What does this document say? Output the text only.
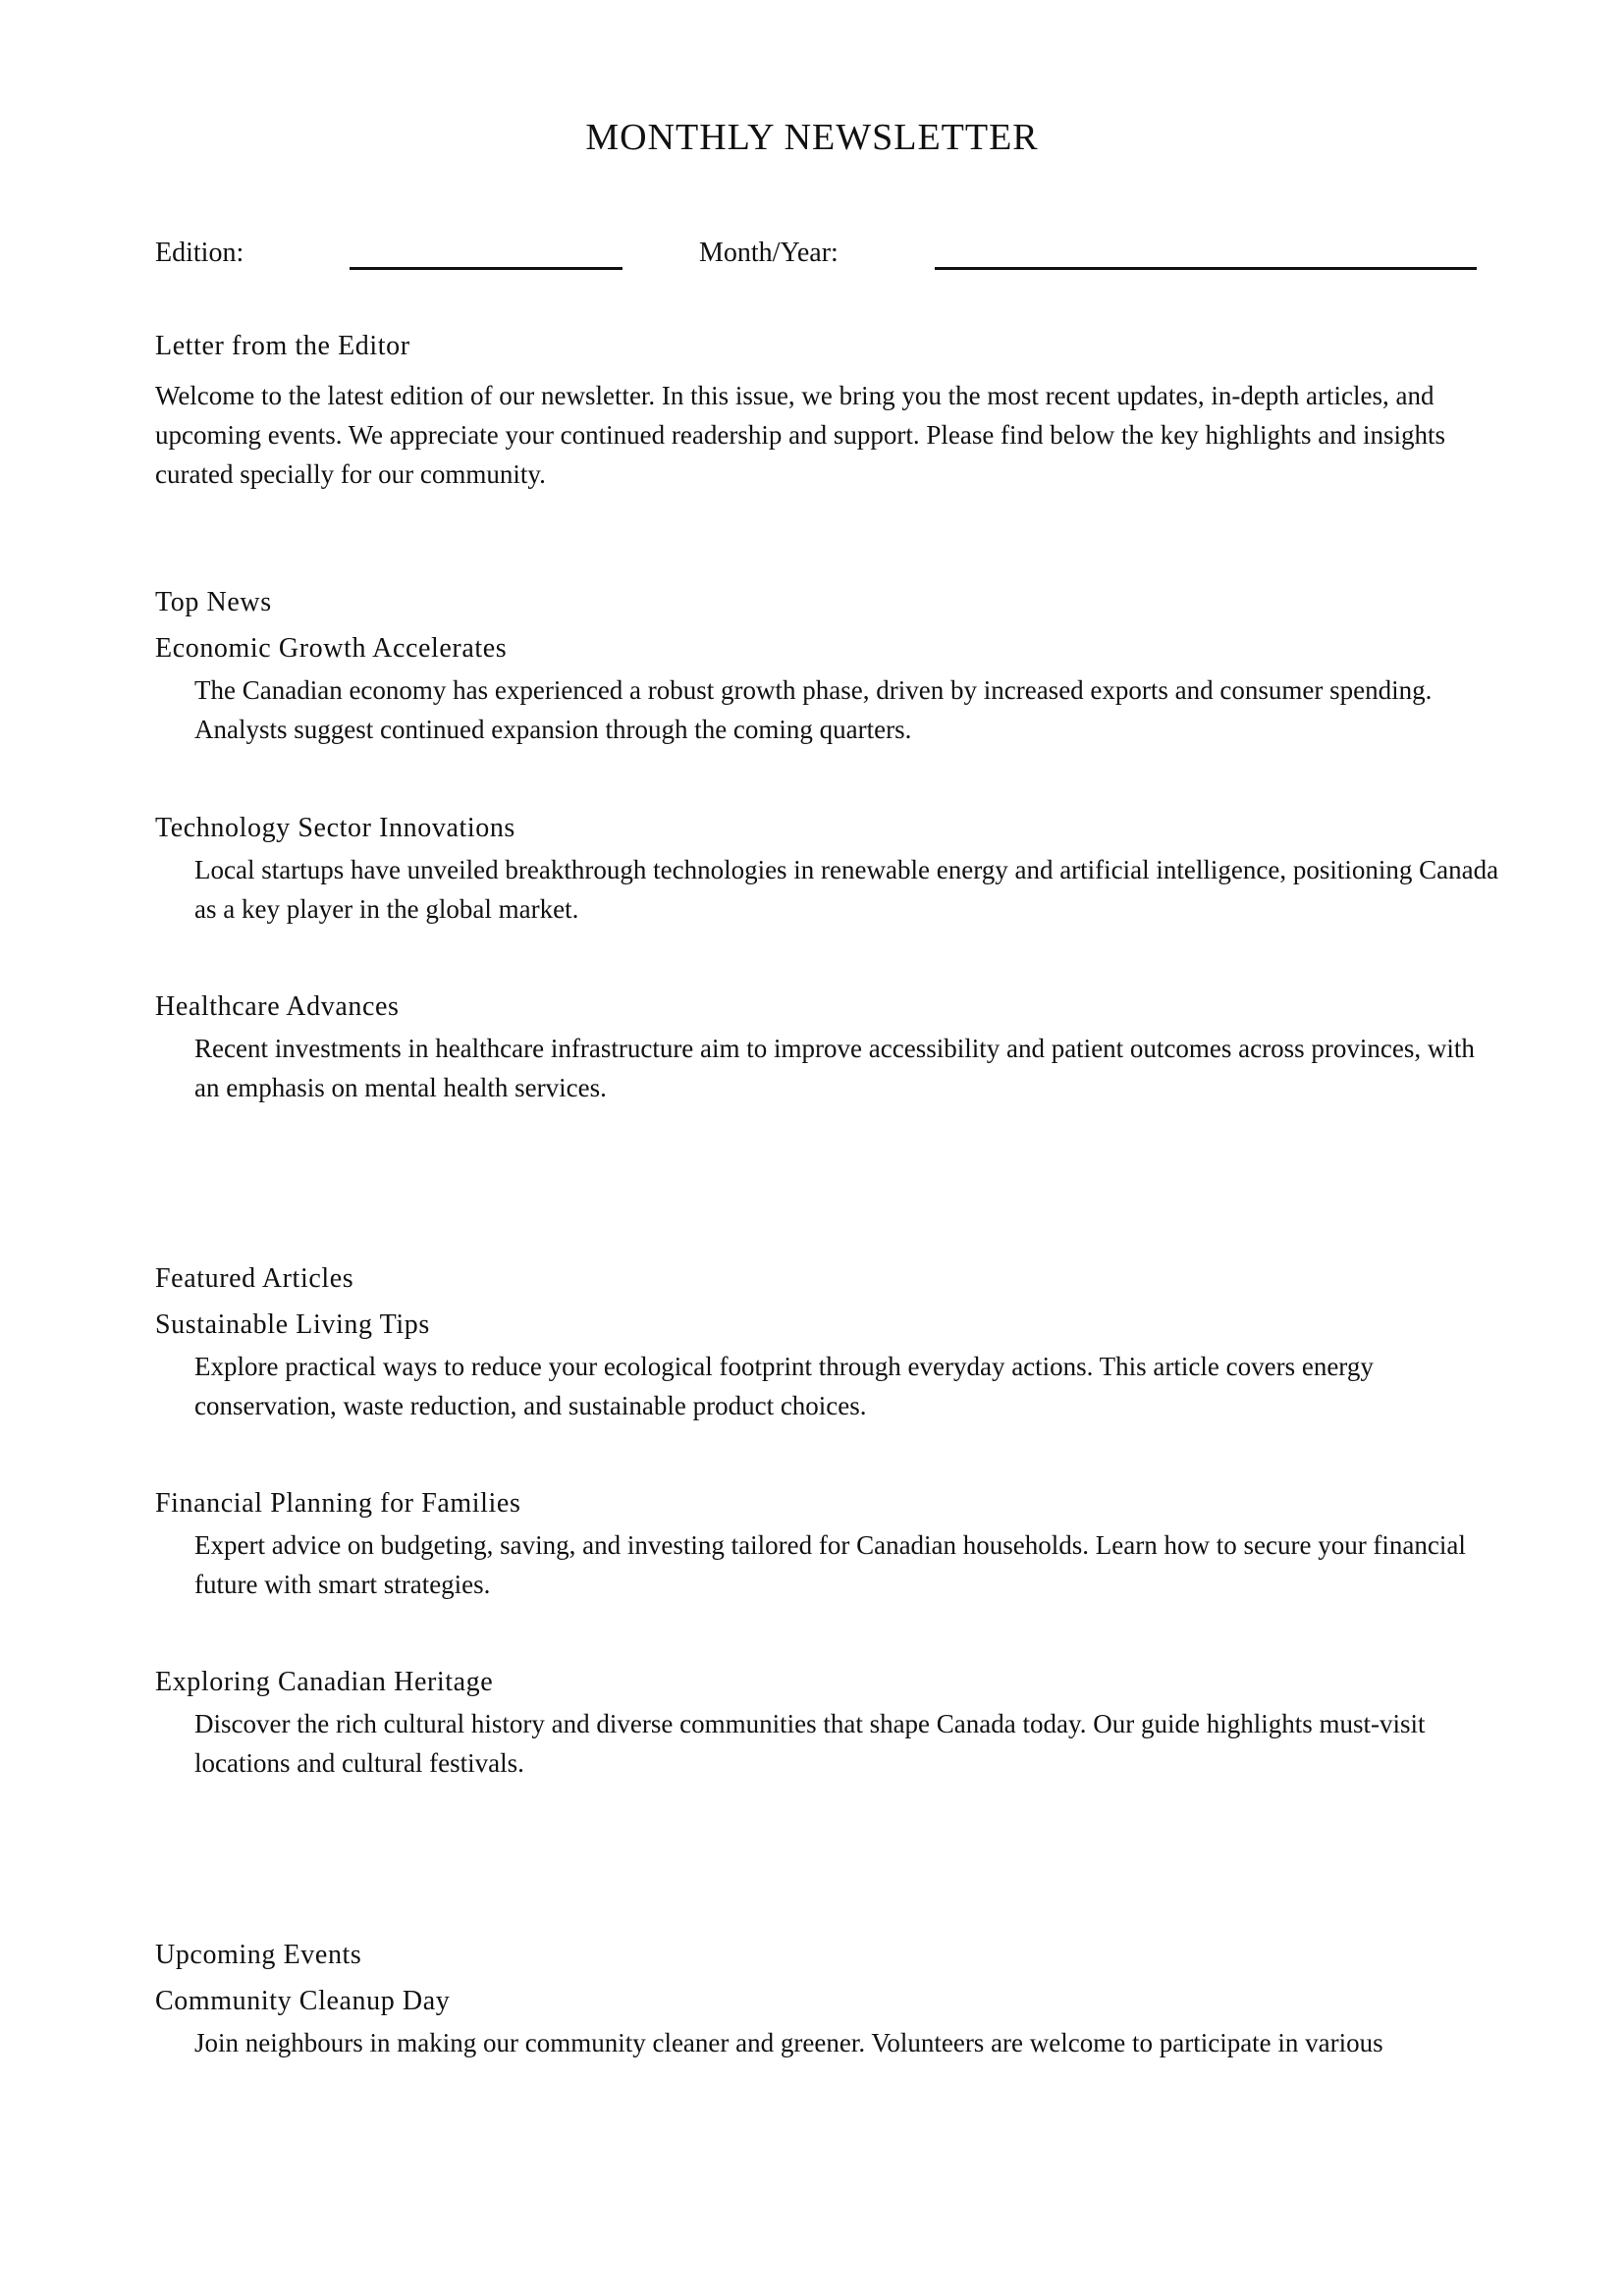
MONTHLY NEWSLETTER
Edition:	Month/Year:
Letter from the Editor
Welcome to the latest edition of our newsletter. In this issue, we bring you the most recent updates, in-depth articles, and upcoming events. We appreciate your continued readership and support. Please find below the key highlights and insights curated specially for our community.
Top News
Economic Growth Accelerates
The Canadian economy has experienced a robust growth phase, driven by increased exports and consumer spending. Analysts suggest continued expansion through the coming quarters.
Technology Sector Innovations
Local startups have unveiled breakthrough technologies in renewable energy and artificial intelligence, positioning Canada as a key player in the global market.
Healthcare Advances
Recent investments in healthcare infrastructure aim to improve accessibility and patient outcomes across provinces, with an emphasis on mental health services.
Featured Articles
Sustainable Living Tips
Explore practical ways to reduce your ecological footprint through everyday actions. This article covers energy conservation, waste reduction, and sustainable product choices.
Financial Planning for Families
Expert advice on budgeting, saving, and investing tailored for Canadian households. Learn how to secure your financial future with smart strategies.
Exploring Canadian Heritage
Discover the rich cultural history and diverse communities that shape Canada today. Our guide highlights must-visit locations and cultural festivals.
Upcoming Events
Community Cleanup Day
Join neighbours in making our community cleaner and greener. Volunteers are welcome to participate in various
